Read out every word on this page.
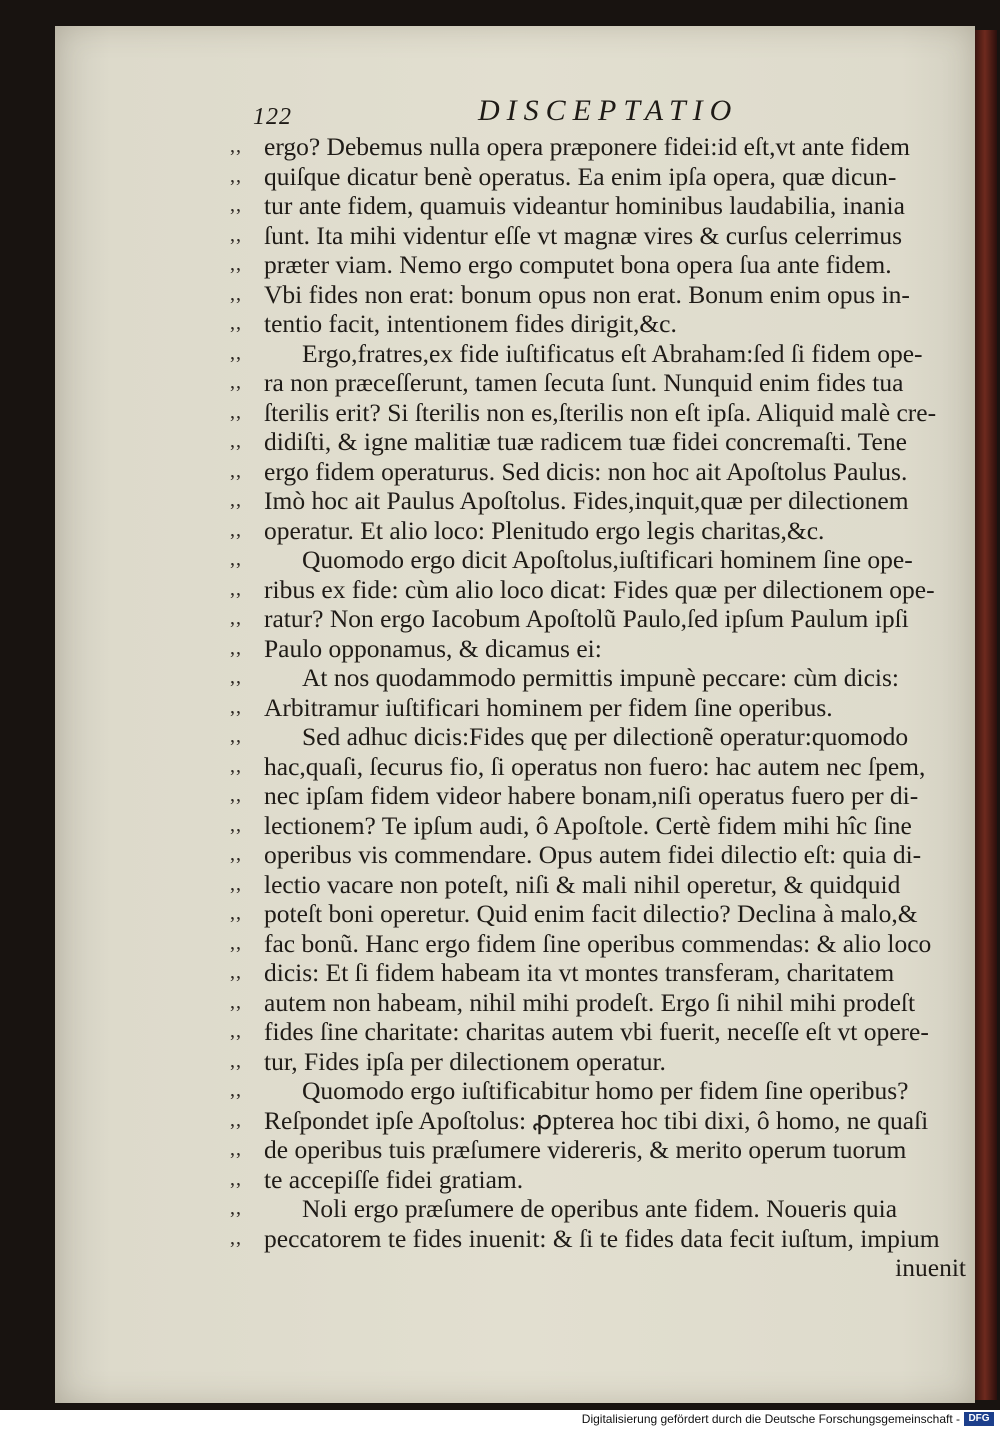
122	DISCEPTATIO
,, ergo? Debemus nulla opera præponere fidei:id eſt,vt ante fidem
,, quiſque dicatur benè operatus. Ea enim ipſa opera, quæ dicun-
,, tur ante fidem, quamuis videantur hominibus laudabilia, inania
,, ſunt. Ita mihi videntur eſſe vt magnæ vires & curſus celerrimus
,, præter viam. Nemo ergo computet bona opera ſua ante fidem.
,, Vbi fides non erat: bonum opus non erat. Bonum enim opus in-
,, tentio facit, intentionem fides dirigit,&c.
,,	Ergo,fratres,ex fide iuſtificatus eſt Abraham:ſed ſi fidem ope-
,, ra non præceſſerunt, tamen ſecuta ſunt. Nunquid enim fides tua
,, ſterilis erit? Si ſterilis non es,ſterilis non eſt ipſa. Aliquid malè cre-
,, didiſti, & igne malitiæ tuæ radicem tuæ fidei concremaſti. Tene
,, ergo fidem operaturus. Sed dicis: non hoc ait Apoſtolus Paulus.
,, Imò hoc ait Paulus Apoſtolus. Fides,inquit,quæ per dilectionem
,, operatur. Et alio loco: Plenitudo ergo legis charitas,&c.
,,	Quomodo ergo dicit Apoſtolus,iuſtificari hominem ſine ope-
,, ribus ex fide: cùm alio loco dicat: Fides quæ per dilectionem ope-
,, ratur? Non ergo Iacobum Apoſtolũ Paulo,ſed ipſum Paulum ipſi
,, Paulo opponamus, & dicamus ei:
,,	At nos quodammodo permittis impunè peccare: cùm dicis:
,, Arbitramur iuſtificari hominem per fidem ſine operibus.
,,	Sed adhuc dicis:Fides quę per dilectionẽ operatur:quomodo
,, hac,quaſi, ſecurus fio, ſi operatus non fuero: hac autem nec ſpem,
,, nec ipſam fidem videor habere bonam,niſi operatus fuero per di-
,, lectionem? Te ipſum audi, ô Apoſtole. Certè fidem mihi hîc ſine
,, operibus vis commendare. Opus autem fidei dilectio eſt: quia di-
,, lectio vacare non poteſt, niſi & mali nihil operetur, & quidquid
,, poteſt boni operetur. Quid enim facit dilectio? Declina à malo,&
,, fac bonũ. Hanc ergo fidem ſine operibus commendas: & alio loco
,, dicis: Et ſi fidem habeam ita vt montes transferam, charitatem
,, autem non habeam, nihil mihi prodeſt. Ergo ſi nihil mihi prodeſt
,, fides ſine charitate: charitas autem vbi fuerit, neceſſe eſt vt opere-
,, tur, Fides ipſa per dilectionem operatur.
,,	Quomodo ergo iuſtificabitur homo per fidem ſine operibus?
,, Reſpondet ipſe Apoſtolus: ꝓpterea hoc tibi dixi, ô homo, ne quaſi
,, de operibus tuis præſumere videreris, & merito operum tuorum
,, te accepiſſe fidei gratiam.
,,	Noli ergo præſumere de operibus ante fidem. Noueris quia
,, peccatorem te fides inuenit: & ſi te fides data fecit iuſtum, impium
inuenit
Digitalisierung gefördert durch die Deutsche Forschungsgemeinschaft - DFG
